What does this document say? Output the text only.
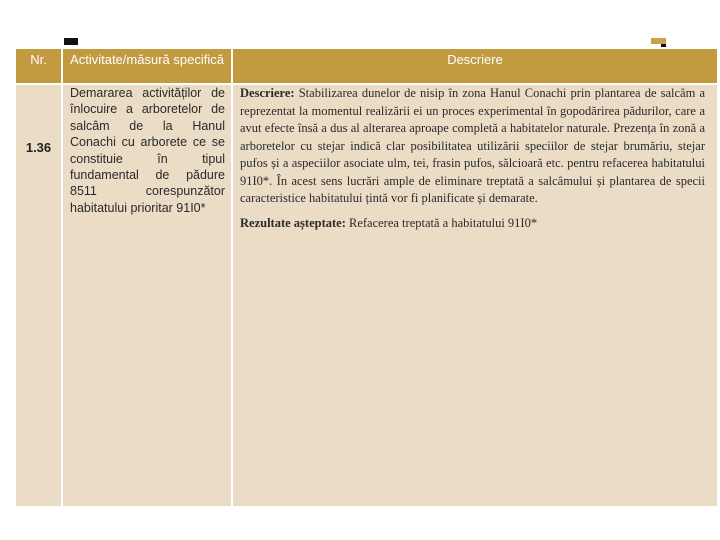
Nr.	Activitate/măsură specifică	Descriere
1.36
Demararea activităților de înlocuire a arboretelor de salcâm de la Hanul Conachi cu arborete ce se constituie în tipul fundamental de pădure 8511 corespunzător habitatului prioritar 91I0*

Descriere: Stabilizarea dunelor de nisip în zona Hanul Conachi prin plantarea de salcâm a reprezentat la momentul realizării ei un proces experimental în gopodărirea pădurilor, care a avut efecte însă a dus al alterarea aproape completă a habitatelor naturale. Prezența în zonă a arboretelor cu stejar indică clar posibilitatea utilizării speciilor de stejar brumăriu, stejar pufos și a aspeciilor asociate ulm, tei, frasin pufos, sălcioară etc. pentru refacerea habitatului 91I0*. În acest sens lucrări ample de eliminare treptată a salcâmului și plantarea de specii caracteristice habitatului țintă vor fi planificate și demarate.

Rezultate așteptate: Refacerea treptată a habitatului 91I0*
